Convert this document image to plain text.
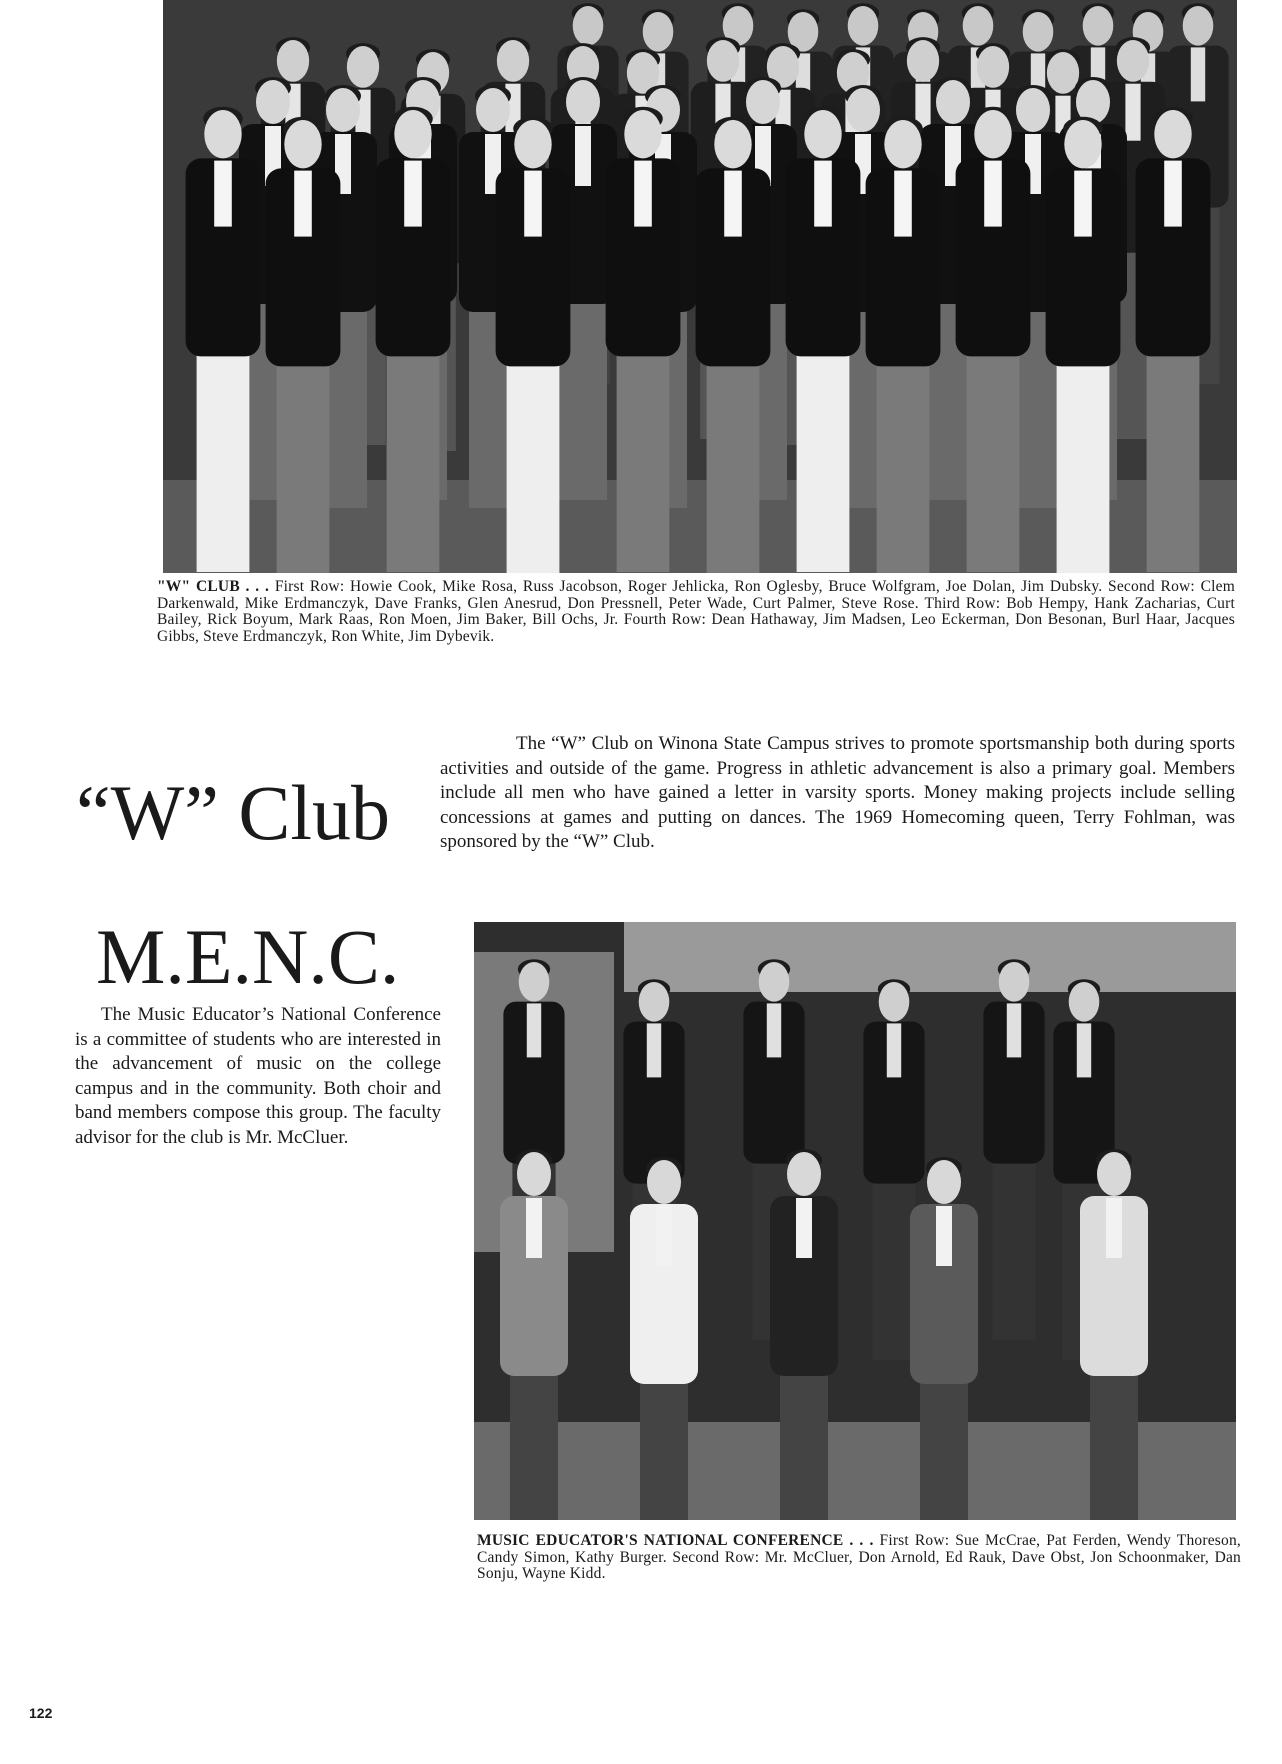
"W" CLUB . . . First Row: Howie Cook, Mike Rosa, Russ Jacobson, Roger Jehlicka, Ron Oglesby, Bruce Wolfgram, Joe Dolan, Jim Dubsky. Second Row: Clem Darkenwald, Mike Erdmanczyk, Dave Franks, Glen Anesrud, Don Pressnell, Peter Wade, Curt Palmer, Steve Rose. Third Row: Bob Hempy, Hank Zacharias, Curt Bailey, Rick Boyum, Mark Raas, Ron Moen, Jim Baker, Bill Ochs, Jr. Fourth Row: Dean Hathaway, Jim Madsen, Leo Eckerman, Don Besonan, Burl Haar, Jacques Gibbs, Steve Erdmanczyk, Ron White, Jim Dybevik.
“W” Club
The “W” Club on Winona State Campus strives to promote sportsmanship both during sports activities and outside of the game. Progress in athletic advancement is also a primary goal. Members include all men who have gained a letter in varsity sports. Money making projects include selling concessions at games and putting on dances. The 1969 Homecoming queen, Terry Fohlman, was sponsored by the “W” Club.
M.E.N.C.
The Music Educator’s National Conference is a committee of students who are interested in the advancement of music on the college campus and in the community. Both choir and band members compose this group. The faculty advisor for the club is Mr. McCluer.
MUSIC EDUCATOR'S NATIONAL CONFERENCE . . . First Row: Sue McCrae, Pat Ferden, Wendy Thoreson, Candy Simon, Kathy Burger. Second Row: Mr. McCluer, Don Arnold, Ed Rauk, Dave Obst, Jon Schoonmaker, Dan Sonju, Wayne Kidd.
122
